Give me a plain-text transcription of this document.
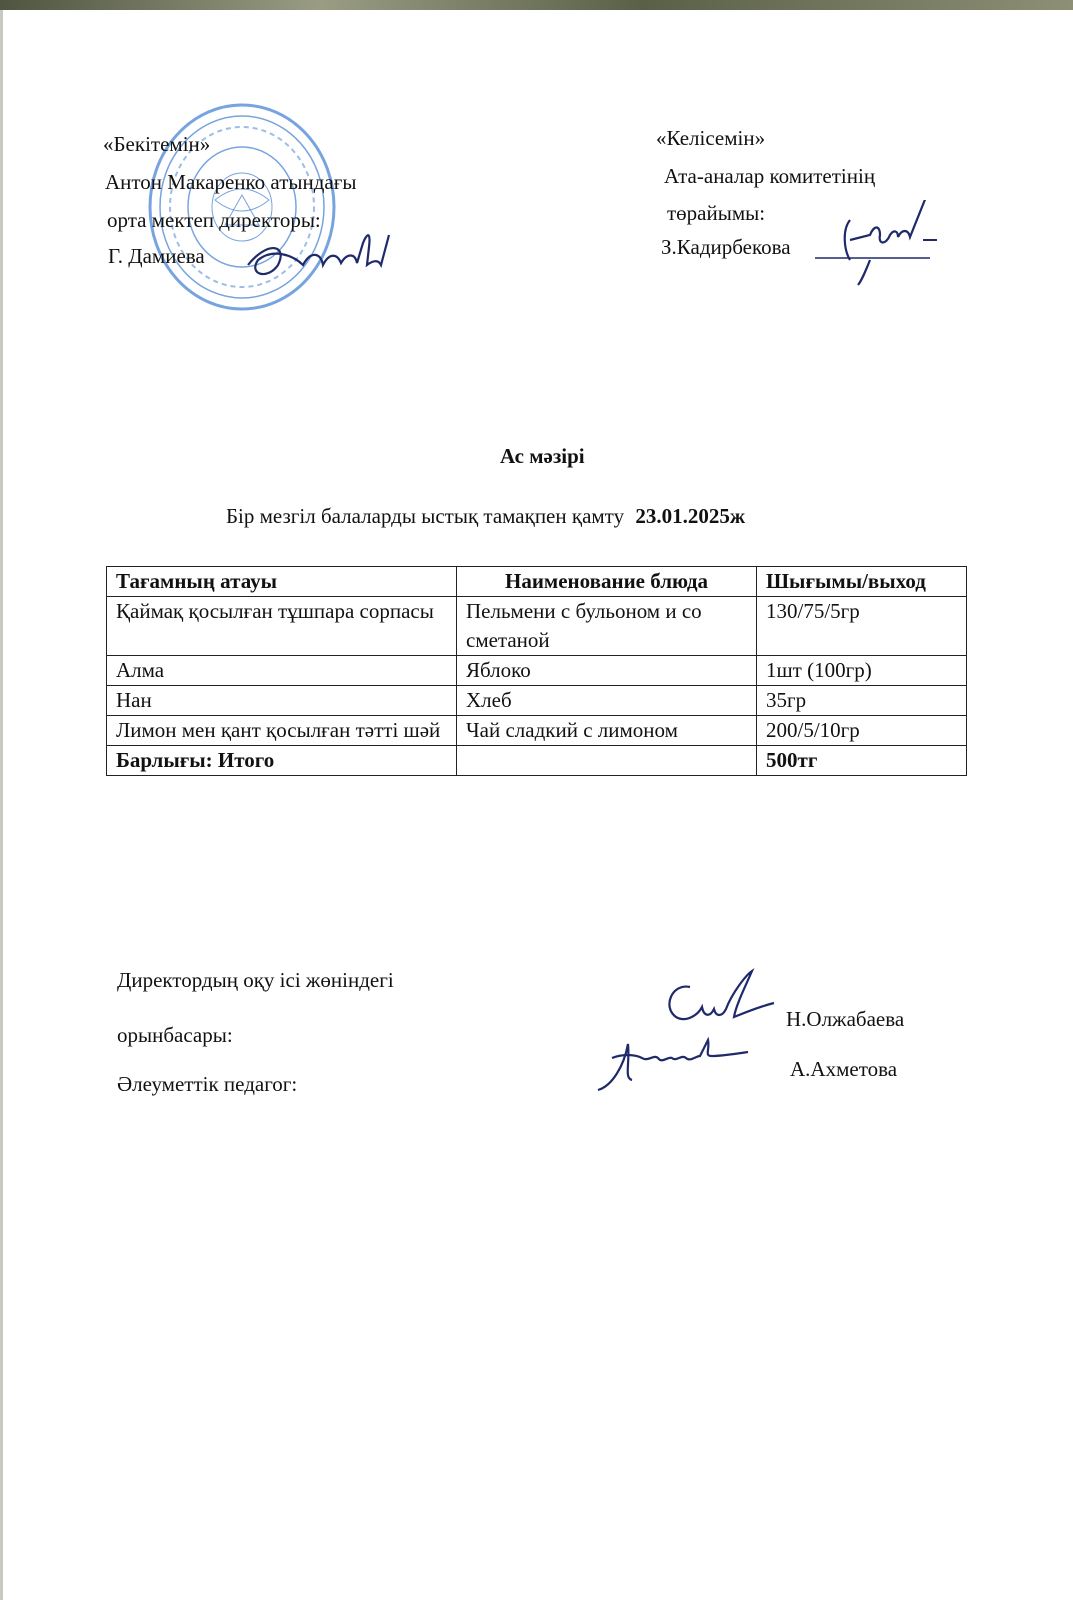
«Бекітемін»
Антон Макаренко атындағы
орта мектеп директоры:
Г. Дамиева
«Келісемін»
Ата-аналар комитетінің
төрайымы:
З.Кадирбекова
Ас мәзірі
Бір мезгіл балаларды ыстық тамақпен қамту 23.01.2025ж
Тағамның атауы	Наименование блюда	Шығымы/выход
Қаймақ қосылған тұшпара сорпасы	Пельмени с бульоном и со сметаной	130/75/5гр
Алма	Яблоко	1шт (100гр)
Нан	Хлеб	35гр
Лимон мен қант қосылған тәтті шәй	Чай сладкий с лимоном	200/5/10гр
Барлығы: Итого		500тг
Директордың оқу ісі жөніндегі
орынбасары:
Әлеуметтік педагог:
Н.Олжабаева
А.Ахметова
